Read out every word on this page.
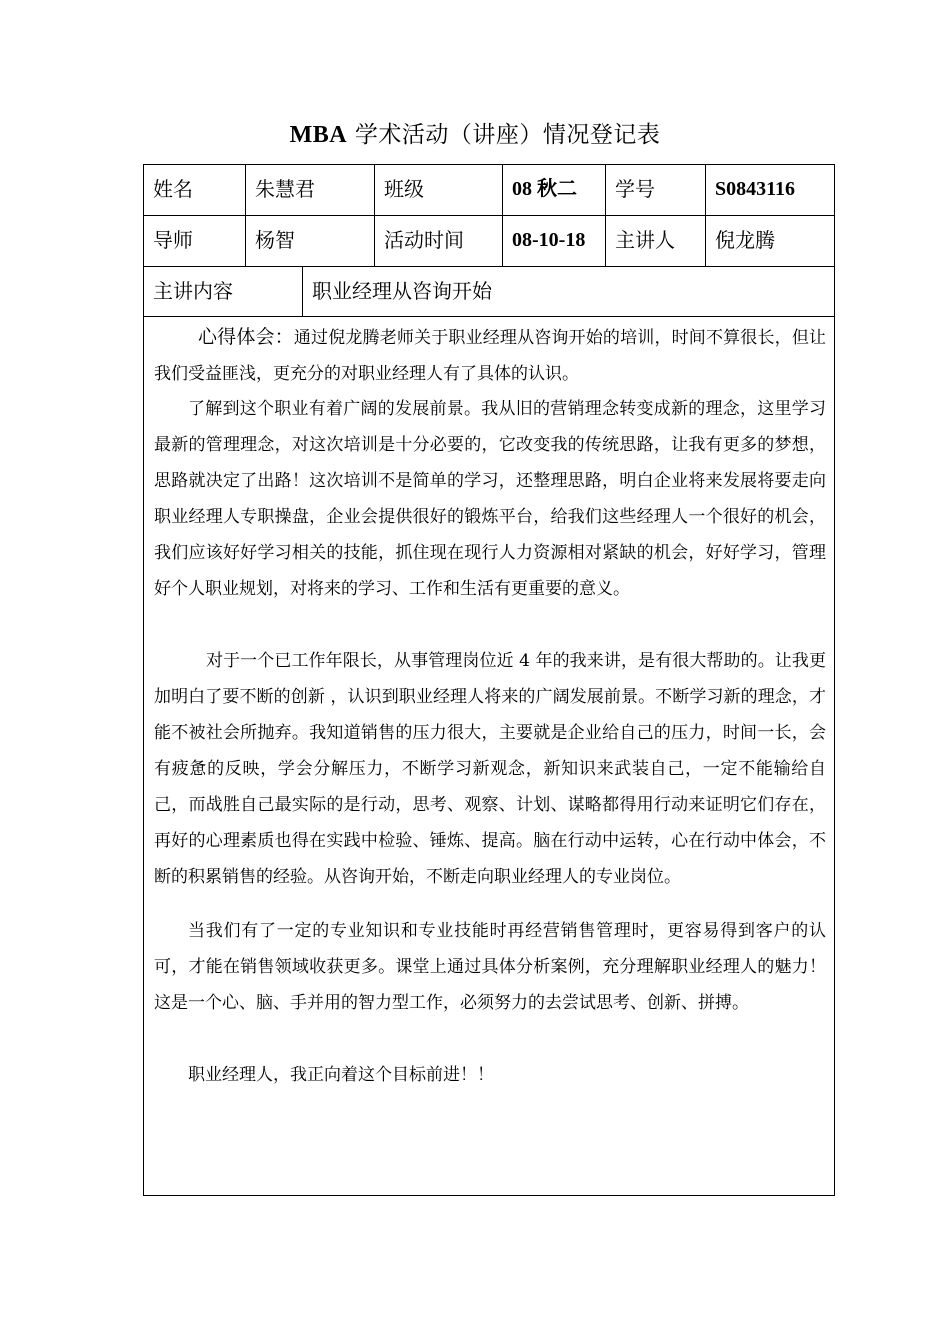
MBA 学术活动（讲座）情况登记表
姓名	朱慧君	班级	08 秋二	学号	S0843116
导师	杨智	活动时间	08-10-18	主讲人	倪龙腾
主讲内容	职业经理从咨询开始
心得体会：通过倪龙腾老师关于职业经理从咨询开始的培训，时间不算很长，但让我们受益匪浅，更充分的对职业经理人有了具体的认识。
了解到这个职业有着广阔的发展前景。我从旧的营销理念转变成新的理念，这里学习最新的管理理念，对这次培训是十分必要的，它改变我的传统思路，让我有更多的梦想，思路就决定了出路！这次培训不是简单的学习，还整理思路，明白企业将来发展将要走向职业经理人专职操盘，企业会提供很好的锻炼平台，给我们这些经理人一个很好的机会，我们应该好好学习相关的技能，抓住现在现行人力资源相对紧缺的机会，好好学习，管理好个人职业规划，对将来的学习、工作和生活有更重要的意义。
对于一个已工作年限长，从事管理岗位近 4 年的我来讲，是有很大帮助的。让我更加明白了要不断的创新 ，认识到职业经理人将来的广阔发展前景。不断学习新的理念，才能不被社会所抛弃。我知道销售的压力很大，主要就是企业给自己的压力，时间一长，会有疲惫的反映，学会分解压力，不断学习新观念，新知识来武装自己，一定不能输给自己，而战胜自己最实际的是行动，思考、观察、计划、谋略都得用行动来证明它们存在，再好的心理素质也得在实践中检验、锤炼、提高。脑在行动中运转，心在行动中体会，不断的积累销售的经验。从咨询开始，不断走向职业经理人的专业岗位。
当我们有了一定的专业知识和专业技能时再经营销售管理时，更容易得到客户的认可，才能在销售领域收获更多。课堂上通过具体分析案例，充分理解职业经理人的魅力！这是一个心、脑、手并用的智力型工作，必须努力的去尝试思考、创新、拼搏。
职业经理人，我正向着这个目标前进！！
